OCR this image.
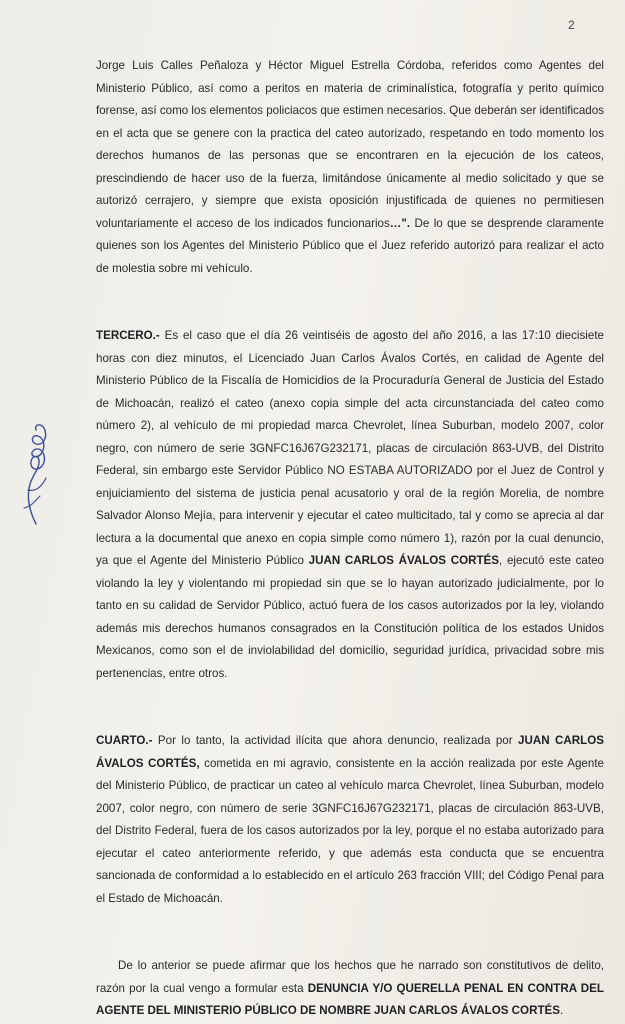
2

Jorge Luis Calles Peñaloza y Héctor Miguel Estrella Córdoba, referidos como Agentes del Ministerio Público, así como a peritos en materia de criminalística, fotografía y perito químico forense, así como los elementos policiacos que estimen necesarios. Que deberán ser identificados en el acta que se genere con la practica del cateo autorizado, respetando en todo momento los derechos humanos de las personas que se encontraren en la ejecución de los cateos, prescindiendo de hacer uso de la fuerza, limitándose únicamente al medio solicitado y que se autorizó cerrajero, y siempre que exista oposición injustificada de quienes no permitiesen voluntariamente el acceso de los indicados funcionarios…". De lo que se desprende claramente quienes son los Agentes del Ministerio Público que el Juez referido autorizó para realizar el acto de molestia sobre mi vehículo.

TERCERO.- Es el caso que el día 26 veintiséis de agosto del año 2016, a las 17:10 diecisiete horas con diez minutos, el Licenciado Juan Carlos Ávalos Cortés, en calidad de Agente del Ministerio Público de la Fiscalía de Homicidios de la Procuraduría General de Justicia del Estado de Michoacán, realizó el cateo (anexo copia simple del acta circunstanciada del cateo como número 2), al vehículo de mi propiedad marca Chevrolet, línea Suburban, modelo 2007, color negro, con número de serie 3GNFC16J67G232171, placas de circulación 863-UVB, del Distrito Federal, sin embargo este Servidor Público NO ESTABA AUTORIZADO por el Juez de Control y enjuiciamiento del sistema de justicia penal acusatorio y oral de la región Morelia, de nombre Salvador Alonso Mejía, para intervenir y ejecutar el cateo multicitado, tal y como se aprecia al dar lectura a la documental que anexo en copia simple como número 1), razón por la cual denuncio, ya que el Agente del Ministerio Público JUAN CARLOS ÁVALOS CORTÉS, ejecutó este cateo violando la ley y violentando mi propiedad sin que se lo hayan autorizado judicialmente, por lo tanto en su calidad de Servidor Público, actuó fuera de los casos autorizados por la ley, violando además mis derechos humanos consagrados en la Constitución política de los estados Unidos Mexicanos, como son el de inviolabilidad del domicilio, seguridad jurídica, privacidad sobre mis pertenencias, entre otros.

CUARTO.- Por lo tanto, la actividad ilícita que ahora denuncio, realizada por JUAN CARLOS ÁVALOS CORTÉS, cometida en mi agravio, consistente en la acción realizada por este Agente del Ministerio Público, de practicar un cateo al vehículo marca Chevrolet, línea Suburban, modelo 2007, color negro, con número de serie 3GNFC16J67G232171, placas de circulación 863-UVB, del Distrito Federal, fuera de los casos autorizados por la ley, porque el no estaba autorizado para ejecutar el cateo anteriormente referido, y que además esta conducta que se encuentra sancionada de conformidad a lo establecido en el artículo 263 fracción VIII; del Código Penal para el Estado de Michoacán.

De lo anterior se puede afirmar que los hechos que he narrado son constitutivos de delito, razón por la cual vengo a formular esta DENUNCIA Y/O QUERELLA PENAL EN CONTRA DEL AGENTE DEL MINISTERIO PÚBLICO DE NOMBRE JUAN CARLOS ÁVALOS CORTÉS.
